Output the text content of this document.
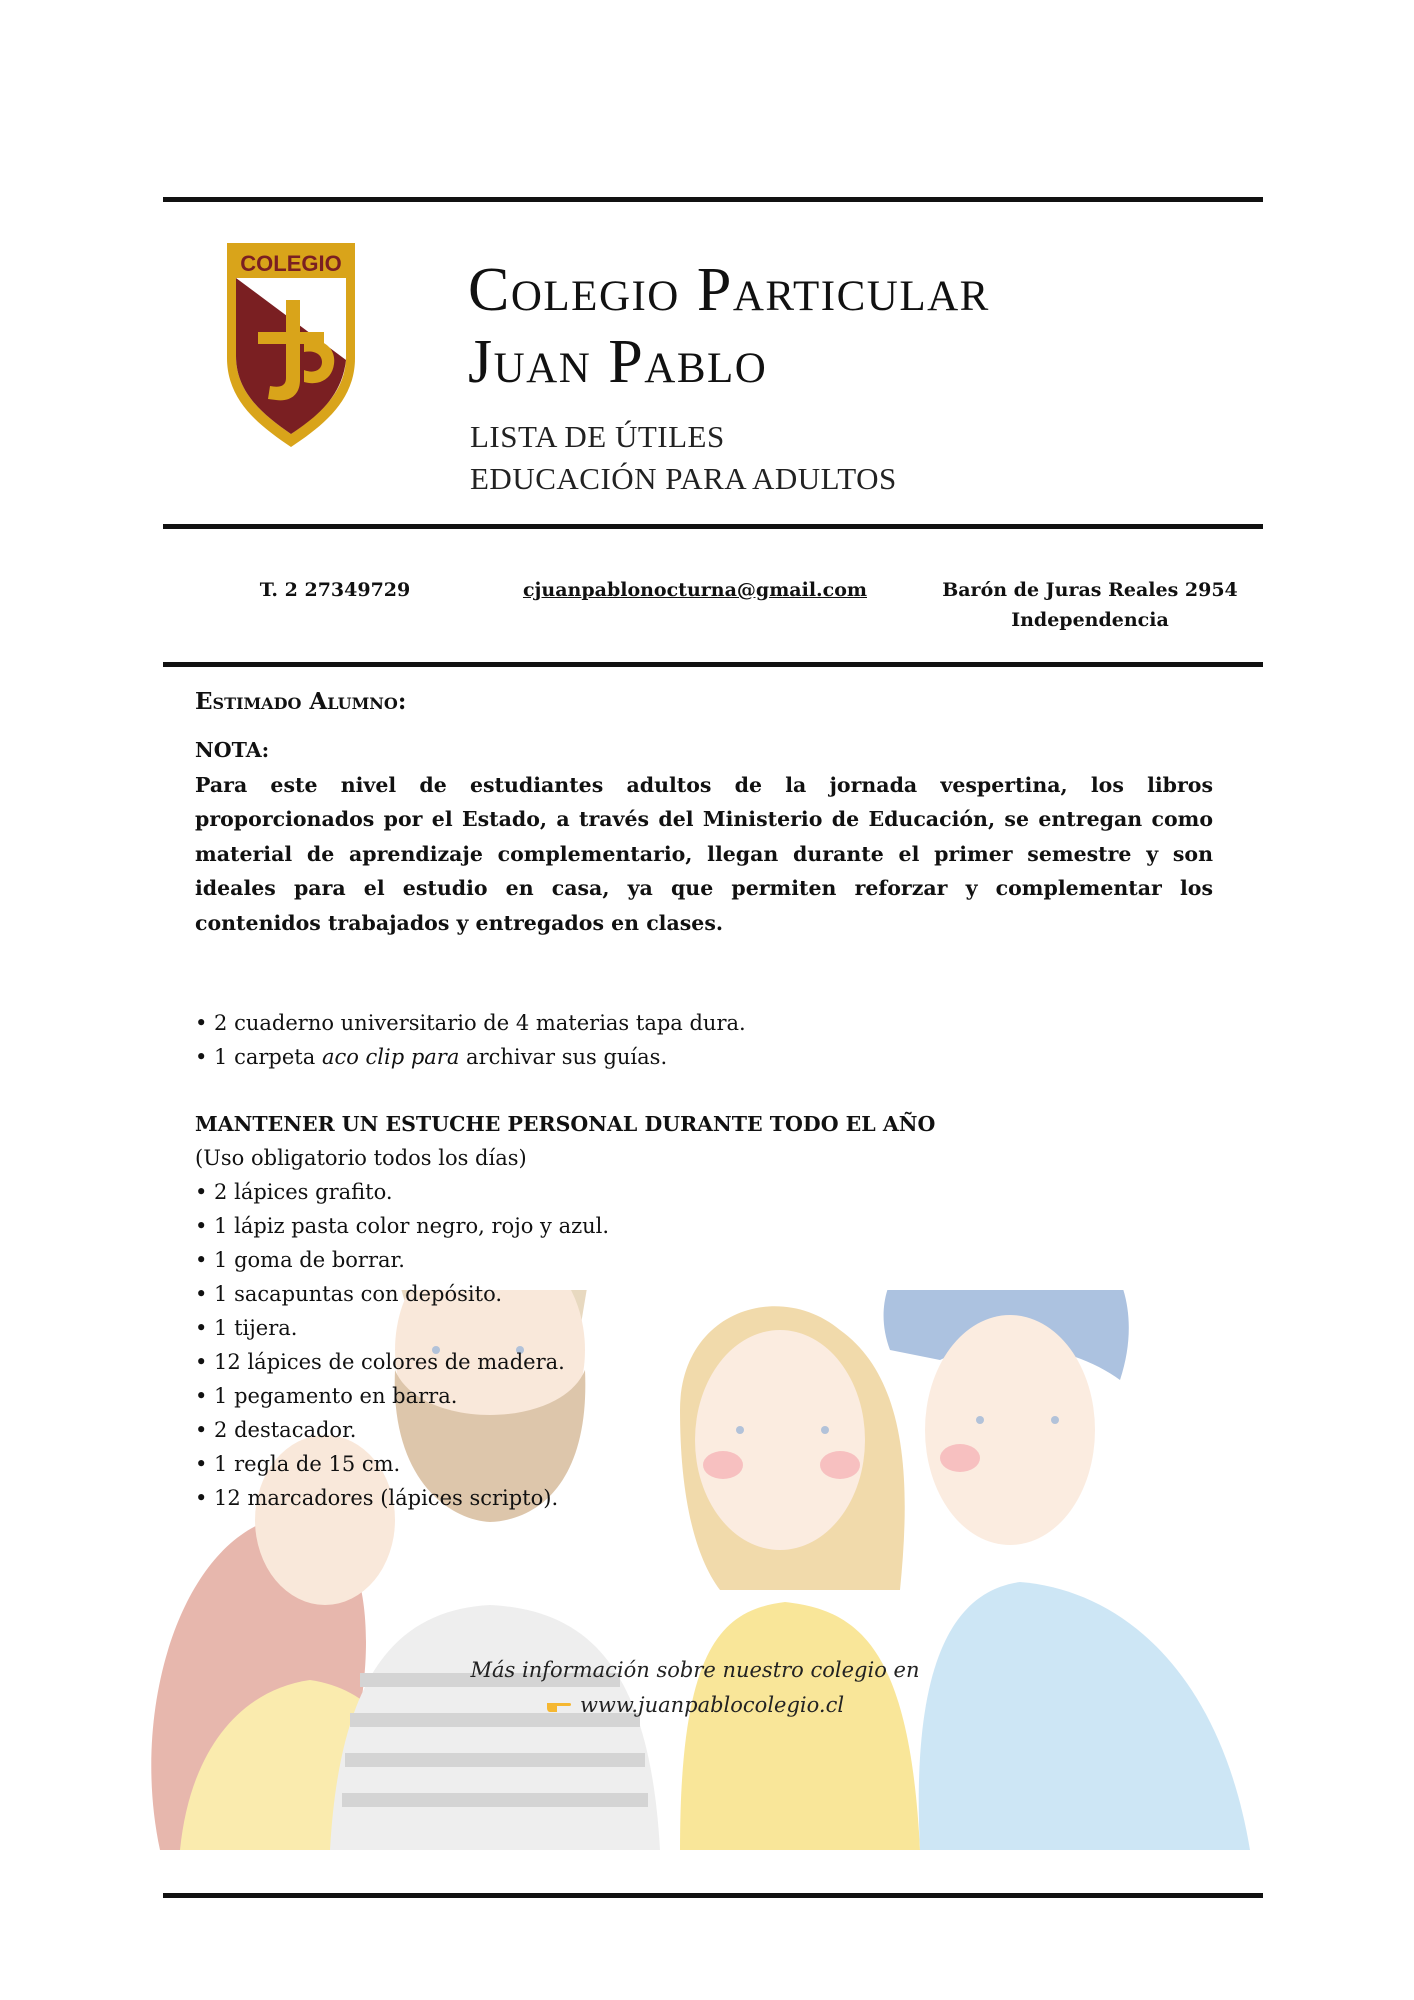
COLEGIO Colegio Particular
Juan Pablo
LISTA DE ÚTILES
EDUCACIÓN PARA ADULTOS
T. 2 27349729	cjuanpablonocturna@gmail.com	Barón de Juras Reales 2954
Independencia
Estimado Alumno:
NOTA:
Para este nivel de estudiantes adultos de la jornada vespertina, los libros proporcionados por el Estado, a través del Ministerio de Educación, se entregan como material de aprendizaje complementario, llegan durante el primer semestre y son ideales para el estudio en casa, ya que permiten reforzar y complementar los contenidos trabajados y entregados en clases.
• 2 cuaderno universitario de 4 materias tapa dura.
• 1 carpeta aco clip para archivar sus guías.
MANTENER UN ESTUCHE PERSONAL DURANTE TODO EL AÑO
(Uso obligatorio todos los días)
• 2 lápices grafito.
• 1 lápiz pasta color negro, rojo y azul.
• 1 goma de borrar.
• 1 sacapuntas con depósito.
• 1 tijera.
• 12 lápices de colores de madera.
• 1 pegamento en barra.
• 2 destacador.
• 1 regla de 15 cm.
• 12 marcadores (lápices scripto).
Más información sobre nuestro colegio en
www.juanpablocolegio.cl
